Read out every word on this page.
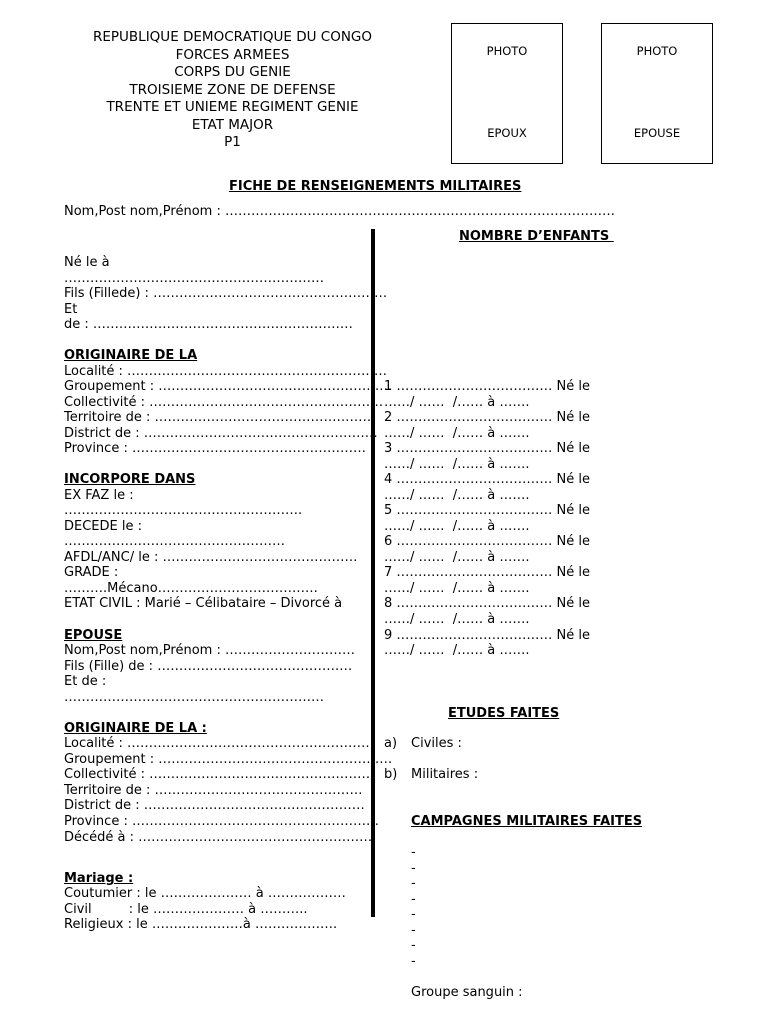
REPUBLIQUE DEMOCRATIQUE DU CONGO
FORCES ARMEES
CORPS DU GENIE
TROISIEME ZONE DE DEFENSE
TRENTE ET UNIEME REGIMENT GENIE
ETAT MAJOR
P1
PHOTO
EPOUX
PHOTO
EPOUSE
FICHE DE RENSEIGNEMENTS MILITAIRES
Nom,Post nom,Prénom : ………………………………………………………………………………
Né le à
……………………………………………………
Fils (Fillede) : ………………………………………………
Et
de : ……………………………………………………
ORIGINAIRE DE LA
Localité : ……………………………………………………
Groupement : ………………………………………………
Collectivité : ………………………………………………
Territoire de : ……………………………………………
District de : ………………………………………………
Province : ………………………………………………
INCORPORE DANS
EX FAZ le :
……………………………………………….
DECEDE le :
……………………………………………
AFDL/ANC/ le : ………………………………………
GRADE :
……….Mécano……………………………….
ETAT CIVIL : Marié – Célibataire – Divorcé à
EPOUSE
Nom,Post nom,Prénom : …………………………
Fils (Fille) de : ………………………………………
Et de :
……………………………………………………
ORIGINAIRE DE LA :
Localité : …………………………………………………
Groupement : ………………………………………………
Collectivité : ……………………………………………
Territoire de : …………………………………………
District de : ……………………………………………
Province : …………………………………………………
Décédé à : ………………………………………………
Mariage :
Coutumier : le ………………… à ………………
Civil         : le ………………… à ………..
Religieux : le …………………à ……………….
NOMBRE D’ENFANTS
1 ……………………………… Né le
……/ ……  /…… à …….
2 ……………………………… Né le
……/ ……  /…… à …….
3 ……………………………… Né le
……/ ……  /…… à …….
4 ……………………………… Né le
……/ ……  /…… à …….
5 ……………………………… Né le
……/ ……  /…… à …….
6 ……………………………… Né le
……/ ……  /…… à …….
7 ……………………………… Né le
……/ ……  /…… à …….
8 ……………………………… Né le
……/ ……  /…… à …….
9 ……………………………… Né le
……/ ……  /…… à …….
ETUDES FAITES
a) Civiles :
b) Militaires :
CAMPAGNES MILITAIRES FAITES
-
-
-
-
-
-
-
-
Groupe sanguin :
